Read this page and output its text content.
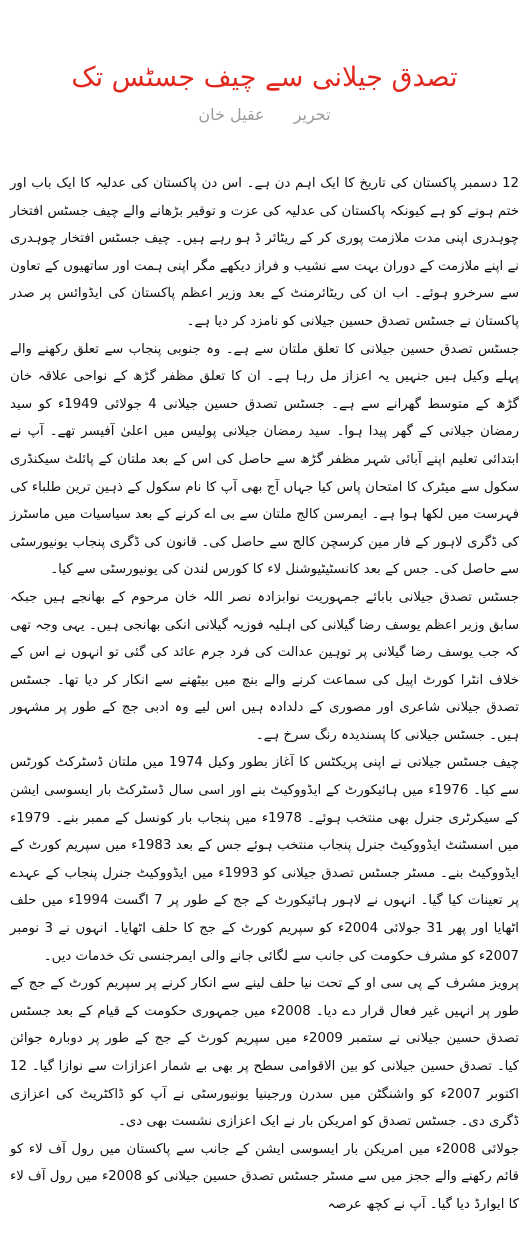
تصدق جیلانی سے چیف جسٹس تک
تحریر عقیل خان

12 دسمبر پاکستان کی تاریخ کا ایک اہم دن ہے۔ اس دن پاکستان کی عدلیہ کا ایک باب اور ختم ہونے کو ہے کیونکہ پاکستان کی عدلیہ کی عزت و توقیر بڑھانے والے چیف جسٹس افتخار چوہدری اپنی مدت ملازمت پوری کر کے ریٹائر ڈ ہو رہے ہیں۔ چیف جسٹس افتخار چوہدری نے اپنے ملازمت کے دوران بہت سے نشیب و فراز دیکھے مگر اپنی ہمت اور ساتھیوں کے تعاون سے سرخرو ہوئے۔ اب ان کی ریٹائرمنٹ کے بعد وزیر اعظم پاکستان کی ایڈوائس پر صدر پاکستان نے جسٹس تصدق حسین جیلانی کو نامزد کر دیا ہے۔

جسٹس تصدق حسین جیلانی کا تعلق ملتان سے ہے۔ وہ جنوبی پنجاب سے تعلق رکھنے والے پہلے وکیل ہیں جنہیں یہ اعزاز مل رہا ہے۔ ان کا تعلق مظفر گڑھ کے نواحی علاقہ خان گڑھ کے متوسط گھرانے سے ہے۔ جسٹس تصدق حسین جیلانی 4 جولائی 1949ء کو سید رمضان جیلانی کے گھر پیدا ہوا۔ سید رمضان جیلانی پولیس میں اعلیٰ آفیسر تھے۔ آپ نے ابتدائی تعلیم اپنے آبائی شہر مظفر گڑھ سے حاصل کی اس کے بعد ملتان کے پائلٹ سیکنڈری سکول سے میٹرک کا امتحان پاس کیا جہاں آج بھی آپ کا نام سکول کے ذہین ترین طلباء کی فہرست میں لکھا ہوا ہے۔ ایمرسن کالج ملتان سے بی اے کرنے کے بعد سیاسیات میں ماسٹرز کی ڈگری لاہور کے فار مین کرسچن کالج سے حاصل کی۔ قانون کی ڈگری پنجاب یونیورسٹی سے حاصل کی۔ جس کے بعد کانسٹیٹیوشنل لاء کا کورس لندن کی یونیورسٹی سے کیا۔

جسٹس تصدق جیلانی بابائے جمہوریت نوابزادہ نصر اللہ خان مرحوم کے بھانجے ہیں جبکہ سابق وزیر اعظم یوسف رضا گیلانی کی اہلیہ فوزیہ گیلانی انکی بھانجی ہیں۔ یہی وجہ تھی کہ جب یوسف رضا گیلانی پر توہین عدالت کی فرد جرم عائد کی گئی تو انہوں نے اس کے خلاف انٹرا کورٹ اپیل کی سماعت کرنے والے بنچ میں بیٹھنے سے انکار کر دیا تھا۔ جسٹس تصدق جیلانی شاعری اور مصوری کے دلدادہ ہیں اس لیے وہ ادبی جج کے طور پر مشہور ہیں۔ جسٹس جیلانی کا پسندیدہ رنگ سرخ ہے۔

چیف جسٹس جیلانی نے اپنی پریکٹس کا آغاز بطور وکیل 1974 میں ملتان ڈسٹرکٹ کورٹس سے کیا۔ 1976ء میں ہائیکورٹ کے ایڈووکیٹ بنے اور اسی سال ڈسٹرکٹ بار ایسوسی ایشن کے سیکرٹری جنرل بھی منتخب ہوئے۔ 1978ء میں پنجاب بار کونسل کے ممبر بنے۔ 1979ء میں اسسٹنٹ ایڈووکیٹ جنرل پنجاب منتخب ہوئے جس کے بعد 1983ء میں سپریم کورٹ کے ایڈووکیٹ بنے۔ مسٹر جسٹس تصدق جیلانی کو 1993ء میں ایڈووکیٹ جنرل پنجاب کے عہدے پر تعینات کیا گیا۔ انہوں نے لاہور ہائیکورٹ کے جج کے طور پر 7 اگست 1994ء میں حلف اٹھایا اور پھر 31 جولائی 2004ء کو سپریم کورٹ کے جج کا حلف اٹھایا۔ انہوں نے 3 نومبر 2007ء کو مشرف حکومت کی جانب سے لگائی جانے والی ایمرجنسی تک خدمات دیں۔

پرویز مشرف کے پی سی او کے تحت نیا حلف لینے سے انکار کرنے پر سپریم کورٹ کے جج کے طور پر انہیں غیر فعال قرار دے دیا۔ 2008ء میں جمہوری حکومت کے قیام کے بعد جسٹس تصدق حسین جیلانی نے ستمبر 2009ء میں سپریم کورٹ کے جج کے طور پر دوبارہ جوائن کیا۔ تصدق حسین جیلانی کو بین الاقوامی سطح پر بھی بے شمار اعزازات سے نوازا گیا۔ 12 اکتوبر 2007ء کو واشنگٹن میں سدرن ورجینیا یونیورسٹی نے آپ کو ڈاکٹریٹ کی اعزازی ڈگری دی۔ جسٹس تصدق کو امریکن بار نے ایک اعزازی نشست بھی دی۔

جولائی 2008ء میں امریکن بار ایسوسی ایشن کے جانب سے پاکستان میں رول آف لاء کو قائم رکھنے والے ججز میں سے مسٹر جسٹس تصدق حسین جیلانی کو 2008ء میں رول آف لاء کا ایوارڈ دیا گیا۔ آپ نے کچھ عرصہ
